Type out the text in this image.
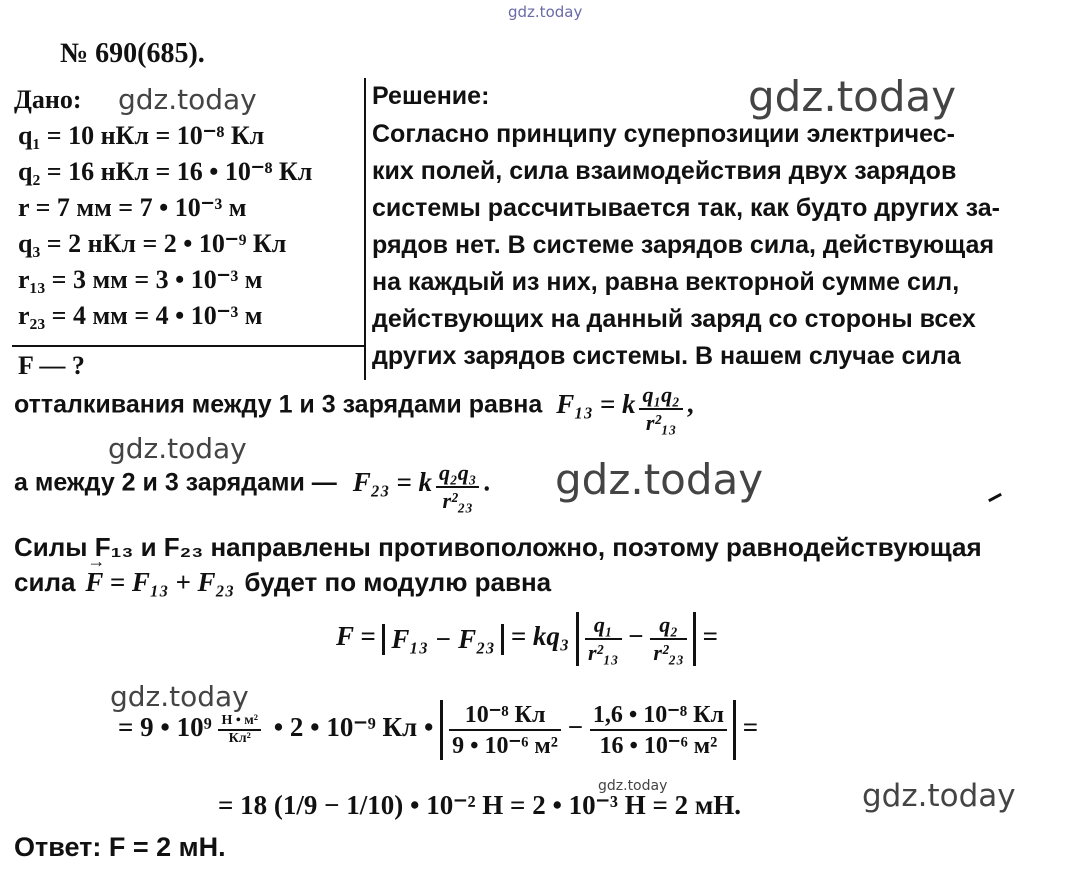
gdz.today
gdz.today	gdz.today
gdz.today
gdz.today
gdz.today
gdz.today	gdz.today
№ 690(685).
Дано:
q₁ = 10 нКл = 10⁻⁸ Кл
q₂ = 16 нКл = 16 • 10⁻⁸ Кл
r = 7 мм = 7 • 10⁻³ м
q₃ = 2 нКл = 2 • 10⁻⁹ Кл
r₁₃ = 3 мм = 3 • 10⁻³ м
r₂₃ = 4 мм = 4 • 10⁻³ м
F — ?
Решение:
Согласно принципу суперпозиции электричес-
ких полей, сила взаимодействия двух зарядов
системы рассчитывается так, как будто других за-
рядов нет. В системе зарядов сила, действующая
на каждый из них, равна векторной сумме сил,
действующих на данный заряд со стороны всех
других зарядов системы. В нашем случае сила
отталкивания между 1 и 3 зарядами равна F₁₃ = k $\frac{\text{q₁q₂}}{\text{r²₁₃}}$ ,
а между 2 и 3 зарядами — F₂₃ = k $\frac{\text{q₂q₃}}{\text{r²₂₃}}$ .
Силы F₁₃ и F₂₃ направлены противоположно, поэтому равнодействующая
сила → F = F₁₃ + F₂₃ будет по модулю равна
$F = F_{13} - F_{23} = kq_3 \frac{\text{q₁}}{\text{r²₁₃}} - \frac{\text{q₂}}{\text{r²₂₃}}$ =
= 9 • $10^9 \frac{\text{Н • м²}}{\text{Кл²}}$ • 2 • 10⁻⁹ Кл • $\frac{\text{10⁻⁸ Кл}}{\text{9 • 10⁻⁶ м²}} - \frac{\text{1,6 • 10⁻⁸ Кл}}{\text{16 • 10⁻⁶ м²}}$ =
= 18 (1/9 − 1/10) • 10⁻² Н = 2 • 10⁻³ Н = 2 мН.
Ответ: F = 2 мН.
